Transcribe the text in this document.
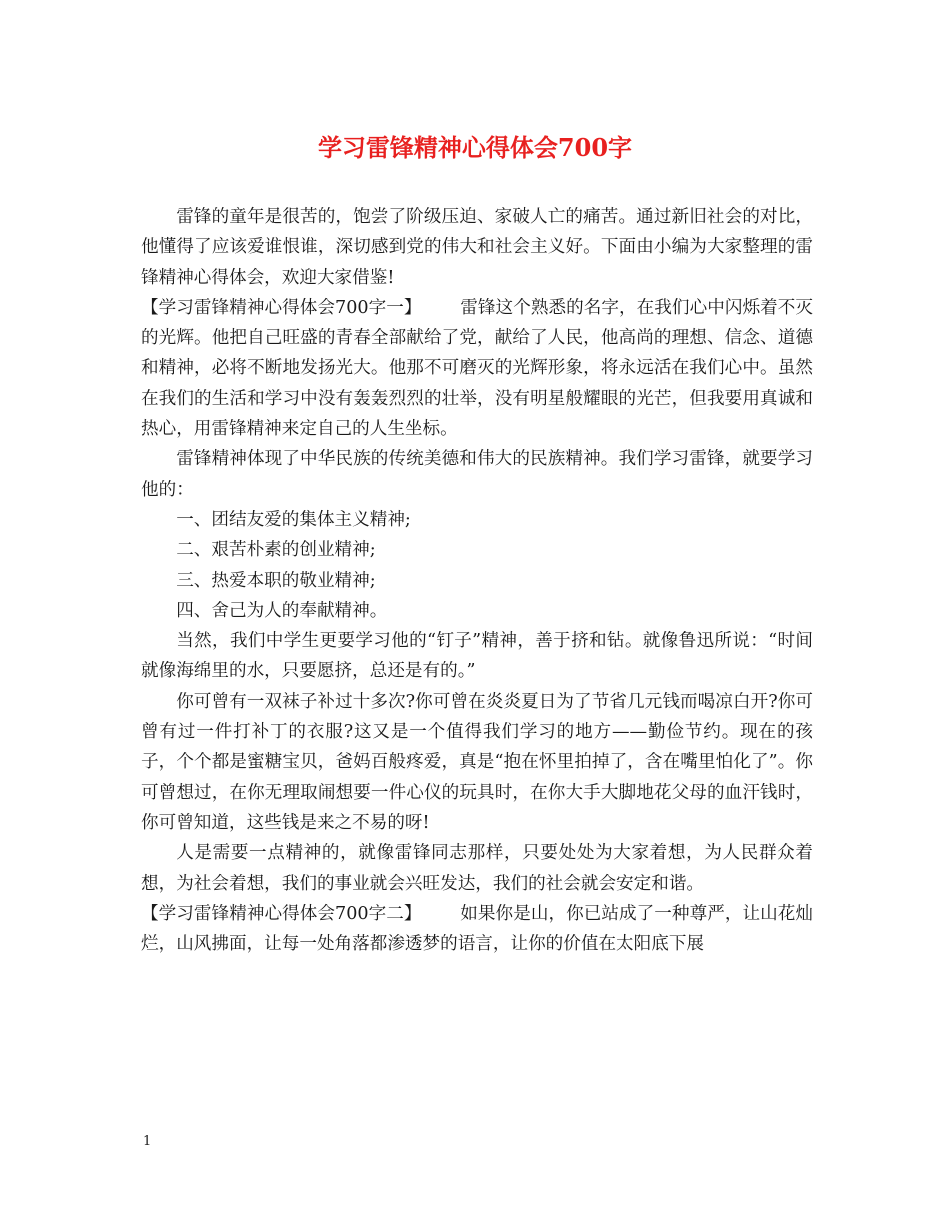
学习雷锋精神心得体会700字

雷锋的童年是很苦的，饱尝了阶级压迫、家破人亡的痛苦。通过新旧社会的对比，他懂得了应该爱谁恨谁，深切感到党的伟大和社会主义好。下面由小编为大家整理的雷锋精神心得体会，欢迎大家借鉴!

【学习雷锋精神心得体会700字一】 雷锋这个熟悉的名字，在我们心中闪烁着不灭的光辉。他把自己旺盛的青春全部献给了党，献给了人民，他高尚的理想、信念、道德和精神，必将不断地发扬光大。他那不可磨灭的光辉形象，将永远活在我们心中。虽然在我们的生活和学习中没有轰轰烈烈的壮举，没有明星般耀眼的光芒，但我要用真诚和热心，用雷锋精神来定自己的人生坐标。

雷锋精神体现了中华民族的传统美德和伟大的民族精神。我们学习雷锋，就要学习他的：

一、团结友爱的集体主义精神;

二、艰苦朴素的创业精神;

三、热爱本职的敬业精神;

四、舍己为人的奉献精神。

当然，我们中学生更要学习他的“钉子”精神，善于挤和钻。就像鲁迅所说：“时间就像海绵里的水，只要愿挤，总还是有的。”

你可曾有一双袜子补过十多次?你可曾在炎炎夏日为了节省几元钱而喝凉白开?你可曾有过一件打补丁的衣服?这又是一个值得我们学习的地方——勤俭节约。现在的孩子，个个都是蜜糖宝贝，爸妈百般疼爱，真是“抱在怀里拍掉了，含在嘴里怕化了”。你可曾想过，在你无理取闹想要一件心仪的玩具时，在你大手大脚地花父母的血汗钱时，你可曾知道，这些钱是来之不易的呀!

人是需要一点精神的，就像雷锋同志那样，只要处处为大家着想，为人民群众着想，为社会着想，我们的事业就会兴旺发达，我们的社会就会安定和谐。

【学习雷锋精神心得体会700字二】 如果你是山，你已站成了一种尊严，让山花灿烂，山风拂面，让每一处角落都渗透梦的语言，让你的价值在太阳底下展

1
